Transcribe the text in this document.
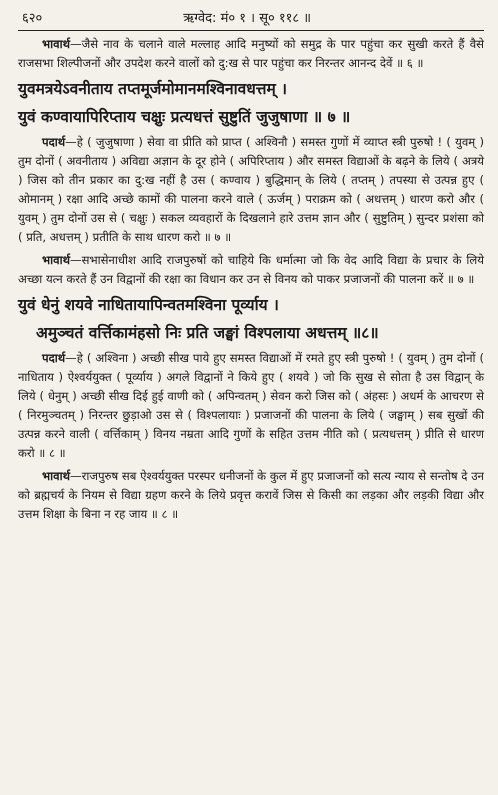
६२०	ऋग्वेद: मं० १ । सू० ११८ ॥

भावार्थ—जैसे नाव के चलाने वाले मल्लाह आदि मनुष्यों को समुद्र के पार पहुंचा कर सुखी करते हैं वैसे राजसभा शिल्पीजनों और उपदेश करने वालों को दु:ख से पार पहुंचा कर निरन्तर आनन्द देवें ॥ ६ ॥

युवमत्रयेऽवनीताय तप्तमूर्जमोमानमश्विनावधत्तम् ।

युवं कण्वायापिरिप्ताय चक्षुः प्रत्यधत्तं सुष्टुतिं जुजुषाणा ॥ ७ ॥

पदार्थ—हे ( जुजुषाणा ) सेवा वा प्रीति को प्राप्त ( अश्विनौ ) समस्त गुणों में व्याप्त स्त्री पुरुषो ! ( युवम् ) तुम दोनों ( अवनीताय ) अविद्या अज्ञान के दूर होने ( अपिरिप्ताय ) और समस्त विद्याओं के बढ़ने के लिये ( अत्रये ) जिस को तीन प्रकार का दु:ख नहीं है उस ( कण्वाय ) बुद्धिमान् के लिये ( तप्तम् ) तपस्या से उत्पन्न हुए ( ओमानम् ) रक्षा आदि अच्छे कामों की पालना करने वाले ( ऊर्जम् ) पराक्रम को ( अधत्तम् ) धारण करो और ( युवम् ) तुम दोनों उस से ( चक्षुः ) सकल व्यवहारों के दिखलाने हारे उत्तम ज्ञान और ( सुष्टुतिम् ) सुन्दर प्रशंसा को ( प्रति, अधत्तम् ) प्रतीति के साथ धारण करो ॥ ७ ॥

भावार्थ—सभासेनाधीश आदि राजपुरुषों को चाहिये कि धर्मात्मा जो कि वेद आदि विद्या के प्रचार के लिये अच्छा यत्न करते हैं उन विद्वानों की रक्षा का विधान कर उन से विनय को पाकर प्रजाजनों की पालना करें ॥ ७ ॥

युवं धेनुं शयवे नाधितायापिन्वतमश्विना पूर्व्याय ।

अमुञ्चतं वर्त्तिकामंहसो निः प्रति जङ्घां विश्पलाया अधत्तम् ॥८॥

पदार्थ—हे ( अश्विना ) अच्छी सीख पाये हुए समस्त विद्याओं में रमते हुए स्त्री पुरुषो ! ( युवम् ) तुम दोनों ( नाधिताय ) ऐश्वर्ययुक्त ( पूर्व्याय ) अगले विद्वानों ने किये हुए ( शयवे ) जो कि सुख से सोता है उस विद्वान् के लिये ( धेनुम् ) अच्छी सीख दिई हुई वाणी को ( अपिन्वतम् ) सेवन करो जिस को ( अंहसः ) अधर्म के आचरण से ( निरमुञ्चतम् ) निरन्तर छुड़ाओ उस से ( विश्पलायाः ) प्रजाजनों की पालना के लिये ( जङ्घाम् ) सब सुखों की उत्पन्न करने वाली ( वर्त्तिकाम् ) विनय नम्रता आदि गुणों के सहित उत्तम नीति को ( प्रत्यधत्तम् ) प्रीति से धारण करो ॥ ८ ॥

भावार्थ—राजपुरुष सब ऐश्वर्ययुक्त परस्पर धनीजनों के कुल में हुए प्रजाजनों को सत्य न्याय से सन्तोष दे उन को ब्रह्मचर्य के नियम से विद्या ग्रहण करने के लिये प्रवृत्त करावें जिस से किसी का लड़का और लड़की विद्या और उत्तम शिक्षा के बिना न रह जाय ॥ ८ ॥
